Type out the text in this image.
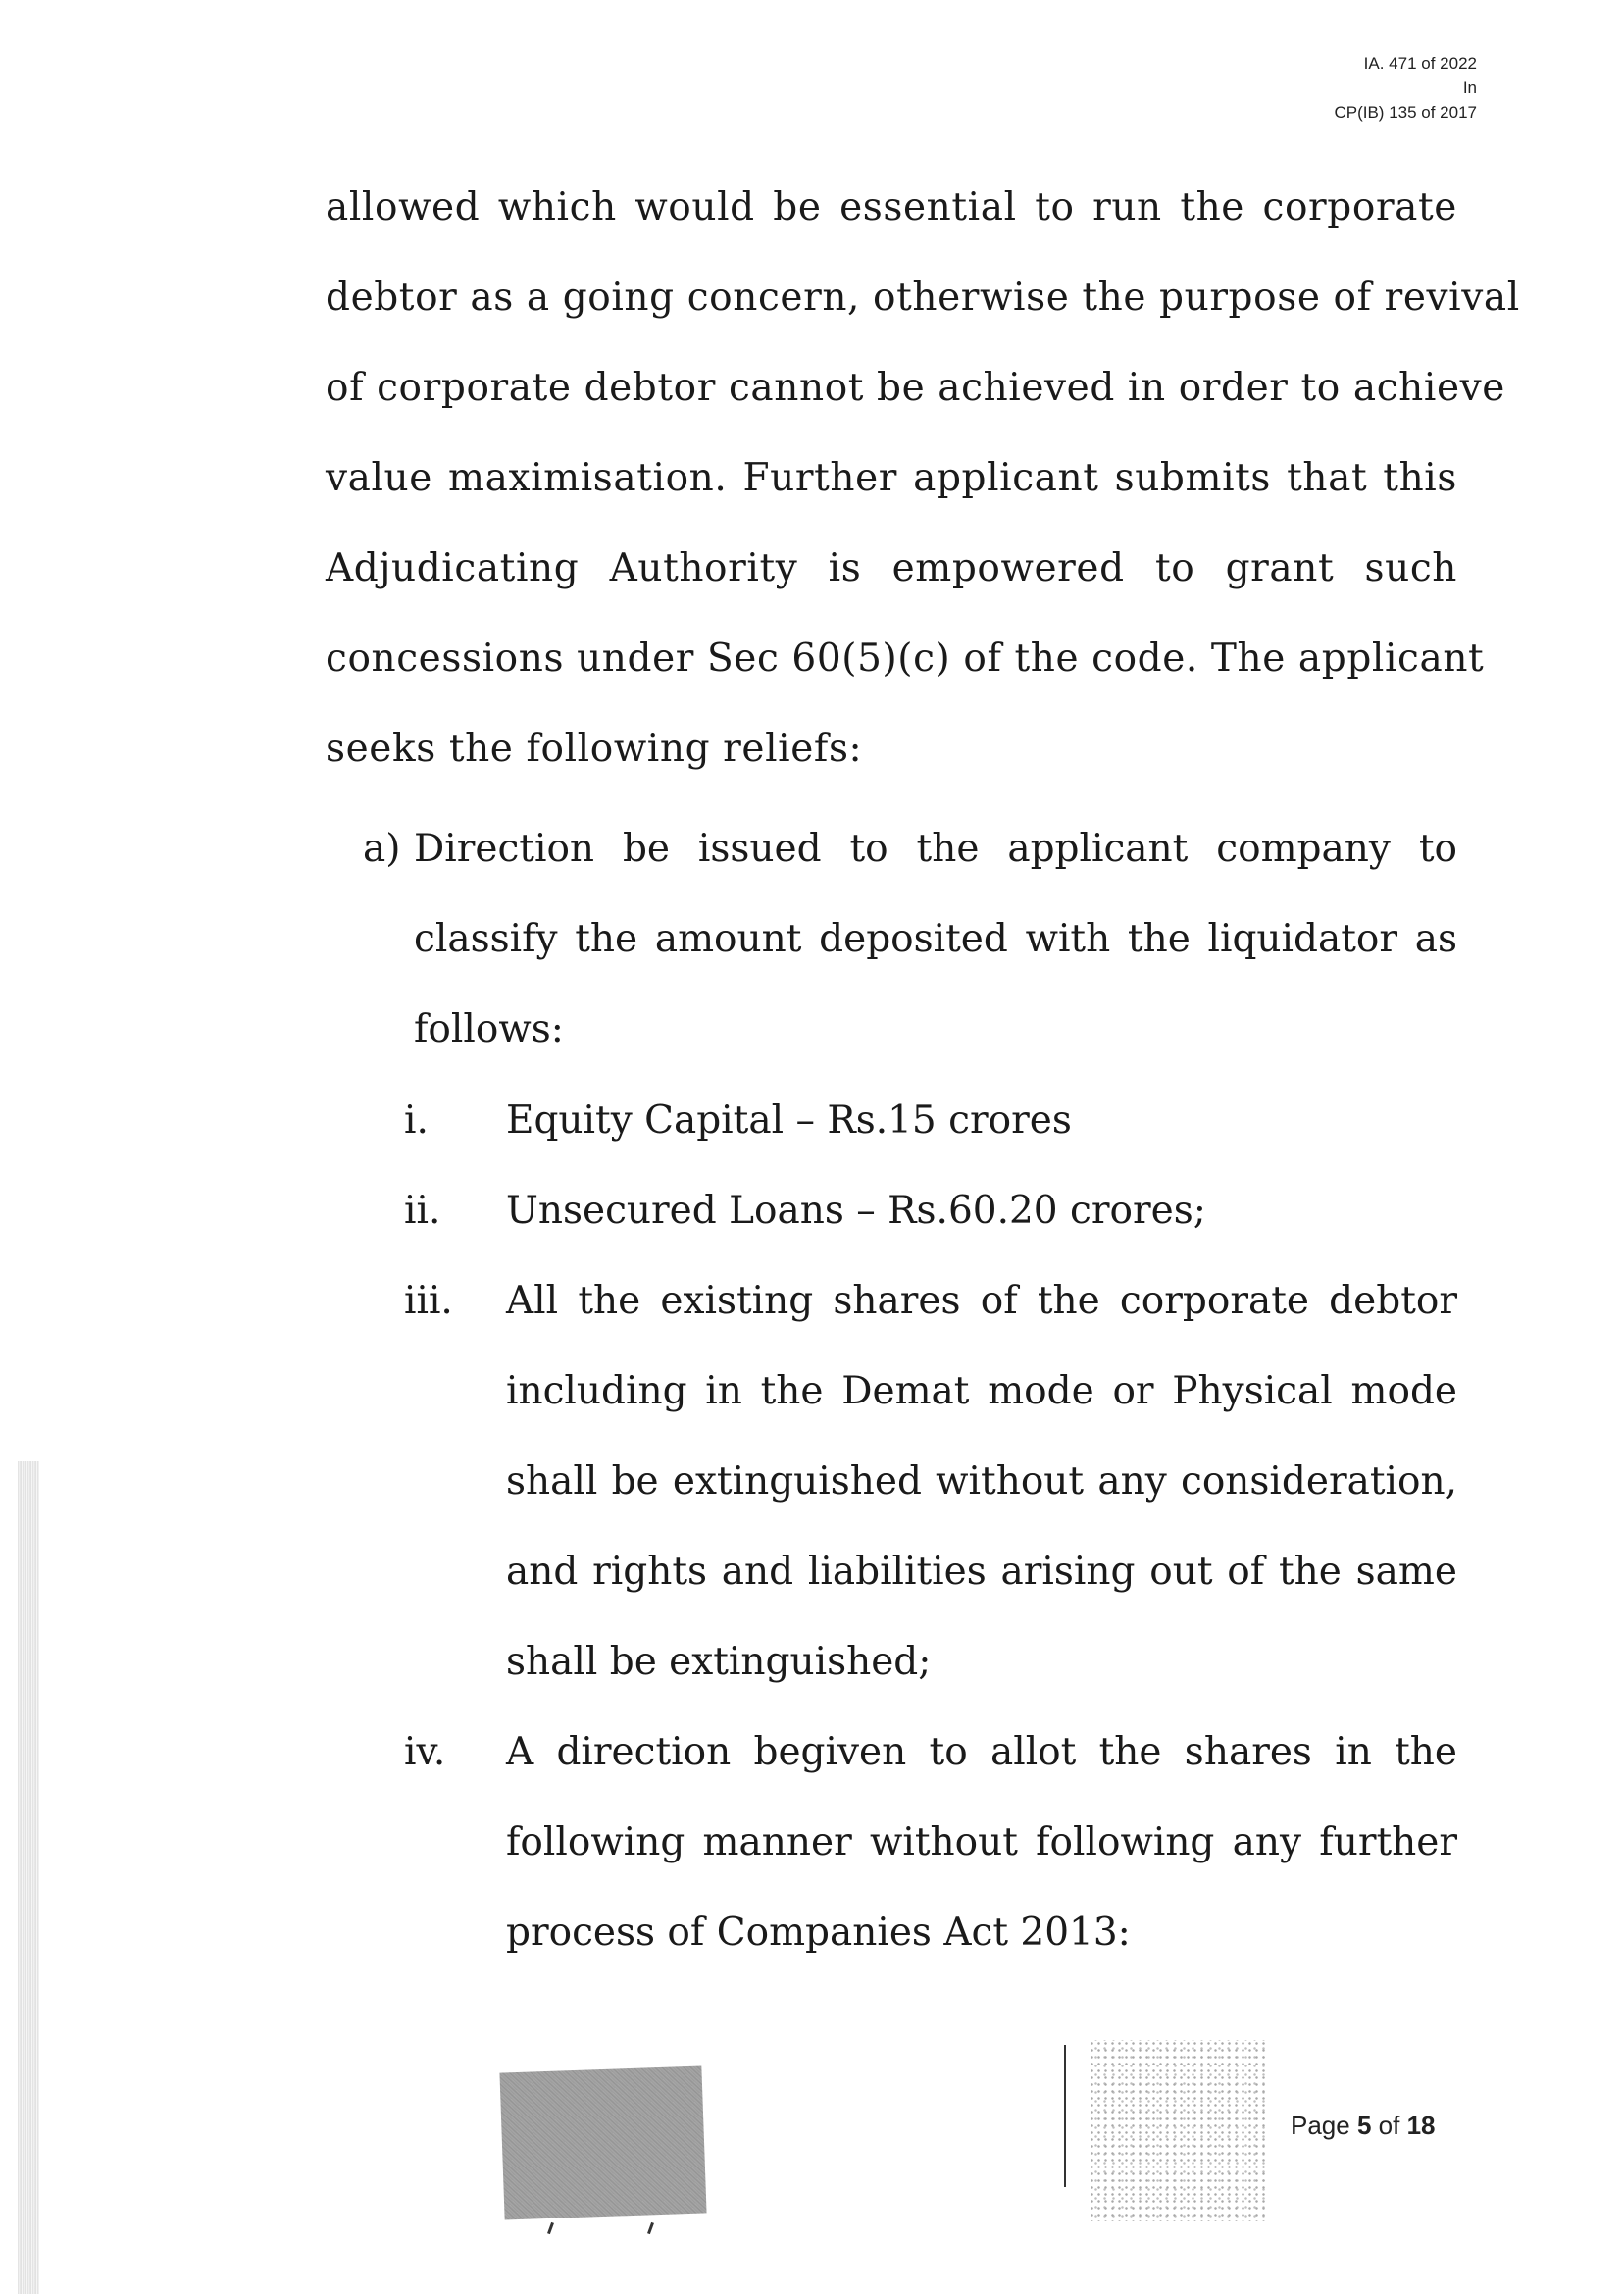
IA. 471 of 2022
In
CP(IB) 135 of 2017
allowed which would be essential to run the corporate
debtor as a going concern, otherwise the purpose of revival
of corporate debtor cannot be achieved in order to achieve
value maximisation. Further applicant submits that this
Adjudicating Authority is empowered to grant such
concessions under Sec 60(5)(c) of the code. The applicant
seeks the following reliefs:
a) Direction be issued to the applicant company to
classify the amount deposited with the liquidator as
follows:
i.	Equity Capital – Rs.15 crores
ii.	Unsecured Loans – Rs.60.20 crores;
iii.	All the existing shares of the corporate debtor
including in the Demat mode or Physical mode
shall be extinguished without any consideration,
and rights and liabilities arising out of the same
shall be extinguished;
iv.	A direction begiven to allot the shares in the
following manner without following any further
process of Companies Act 2013:
Page 5 of 18
